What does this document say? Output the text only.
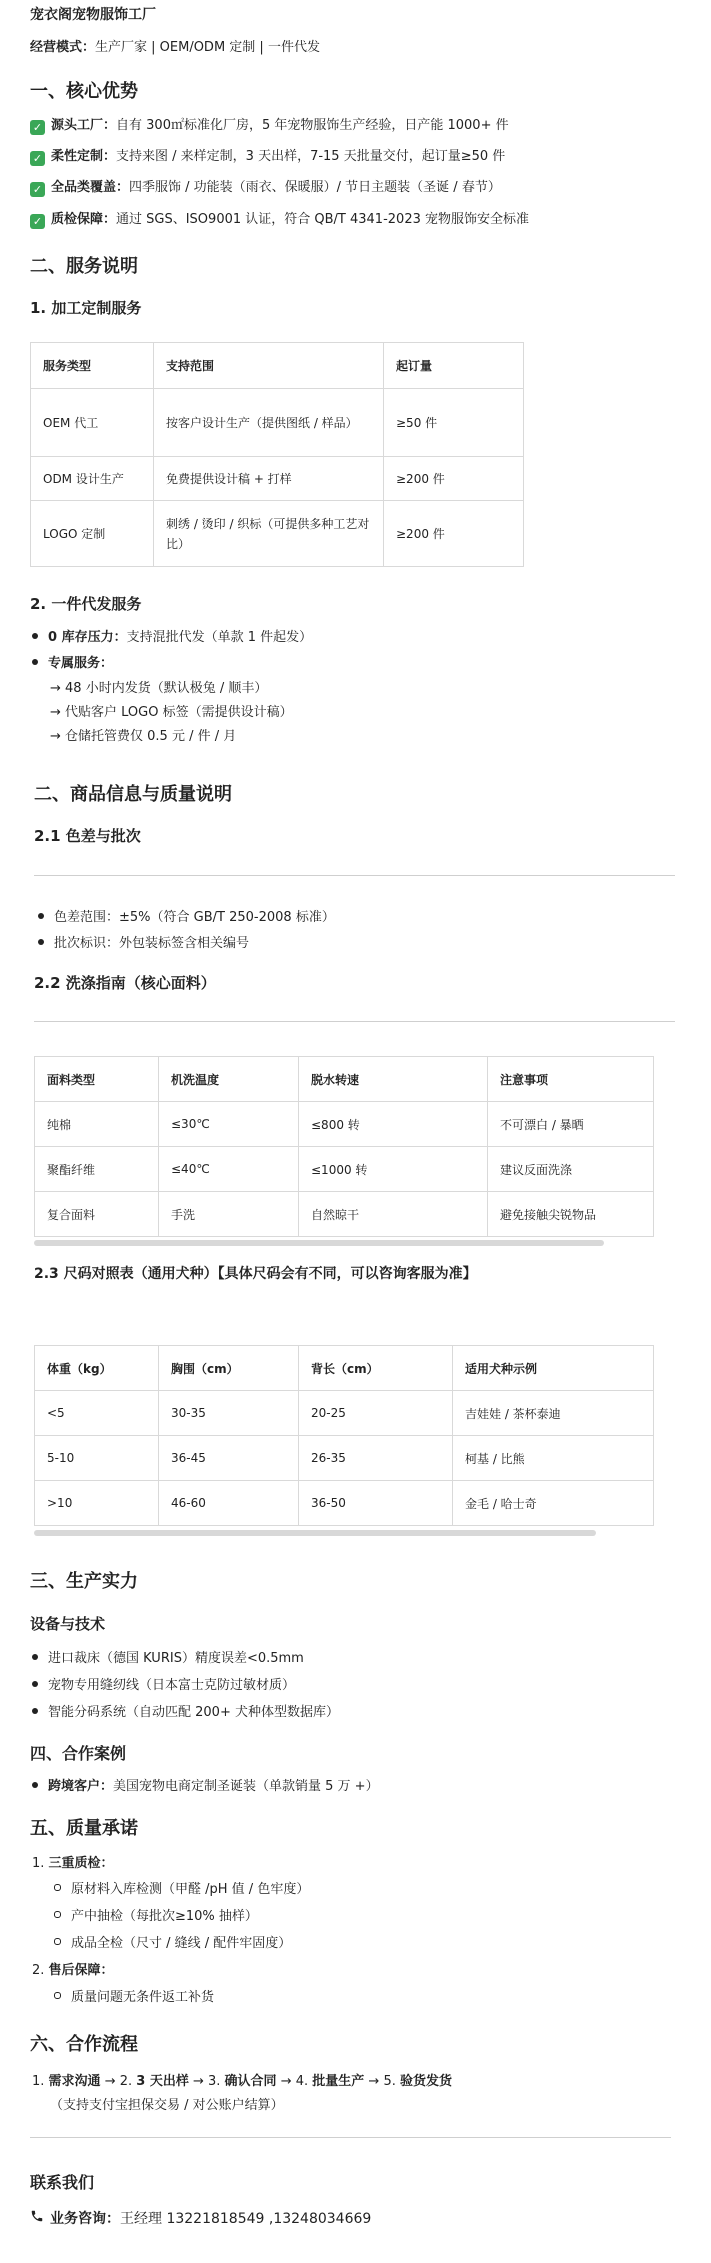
宠衣阁宠物服饰工厂
经营模式：生产厂家 | OEM/ODM 定制 | 一件代发
一、核心优势
✓ 源头工厂：自有 300㎡标准化厂房，5 年宠物服饰生产经验，日产能 1000+ 件
✓ 柔性定制：支持来图 / 来样定制，3 天出样，7-15 天批量交付，起订量≥50 件
✓ 全品类覆盖：四季服饰 / 功能装（雨衣、保暖服）/ 节日主题装（圣诞 / 春节）
✓ 质检保障：通过 SGS、ISO9001 认证，符合 QB/T 4341-2023 宠物服饰安全标准
二、服务说明
1. 加工定制服务
服务类型	支持范围	起订量
OEM 代工	按客户设计生产（提供图纸 / 样品）	≥50 件
ODM 设计生产	免费提供设计稿 + 打样	≥200 件
LOGO 定制	刺绣 / 烫印 / 织标（可提供多种工艺对比）	≥200 件
2. 一件代发服务
0 库存压力：支持混批代发（单款 1 件起发）
专属服务：
→ 48 小时内发货（默认极兔 / 顺丰）
→ 代贴客户 LOGO 标签（需提供设计稿）
→ 仓储托管费仅 0.5 元 / 件 / 月
二、商品信息与质量说明
2.1 色差与批次
色差范围：±5%（符合 GB/T 250-2008 标准）
批次标识：外包装标签含相关编号
2.2 洗涤指南（核心面料）
面料类型	机洗温度	脱水转速	注意事项
纯棉	≤30℃	≤800 转	不可漂白 / 暴晒
聚酯纤维	≤40℃	≤1000 转	建议反面洗涤
复合面料	手洗	自然晾干	避免接触尖锐物品
2.3 尺码对照表（通用犬种）【具体尺码会有不同，可以咨询客服为准】
体重（kg）	胸围（cm）	背长（cm）	适用犬种示例
<5	30-35	20-25	吉娃娃 / 茶杯泰迪
5-10	36-45	26-35	柯基 / 比熊
>10	46-60	36-50	金毛 / 哈士奇
三、生产实力
设备与技术
进口裁床（德国 KURIS）精度误差<0.5mm
宠物专用缝纫线（日本富士克防过敏材质）
智能分码系统（自动匹配 200+ 犬种体型数据库）
四、合作案例
跨境客户：美国宠物电商定制圣诞装（单款销量 5 万 +）
五、质量承诺
1. 三重质检：
原材料入库检测（甲醛 /pH 值 / 色牢度）
产中抽检（每批次≥10% 抽样）
成品全检（尺寸 / 缝线 / 配件牢固度）
2. 售后保障：
质量问题无条件返工补货
六、合作流程
1. 需求沟通 → 2. 3 天出样 → 3. 确认合同 → 4. 批量生产 → 5. 验货发货
（支持支付宝担保交易 / 对公账户结算）
联系我们
业务咨询：王经理 13221818549 ,13248034669
